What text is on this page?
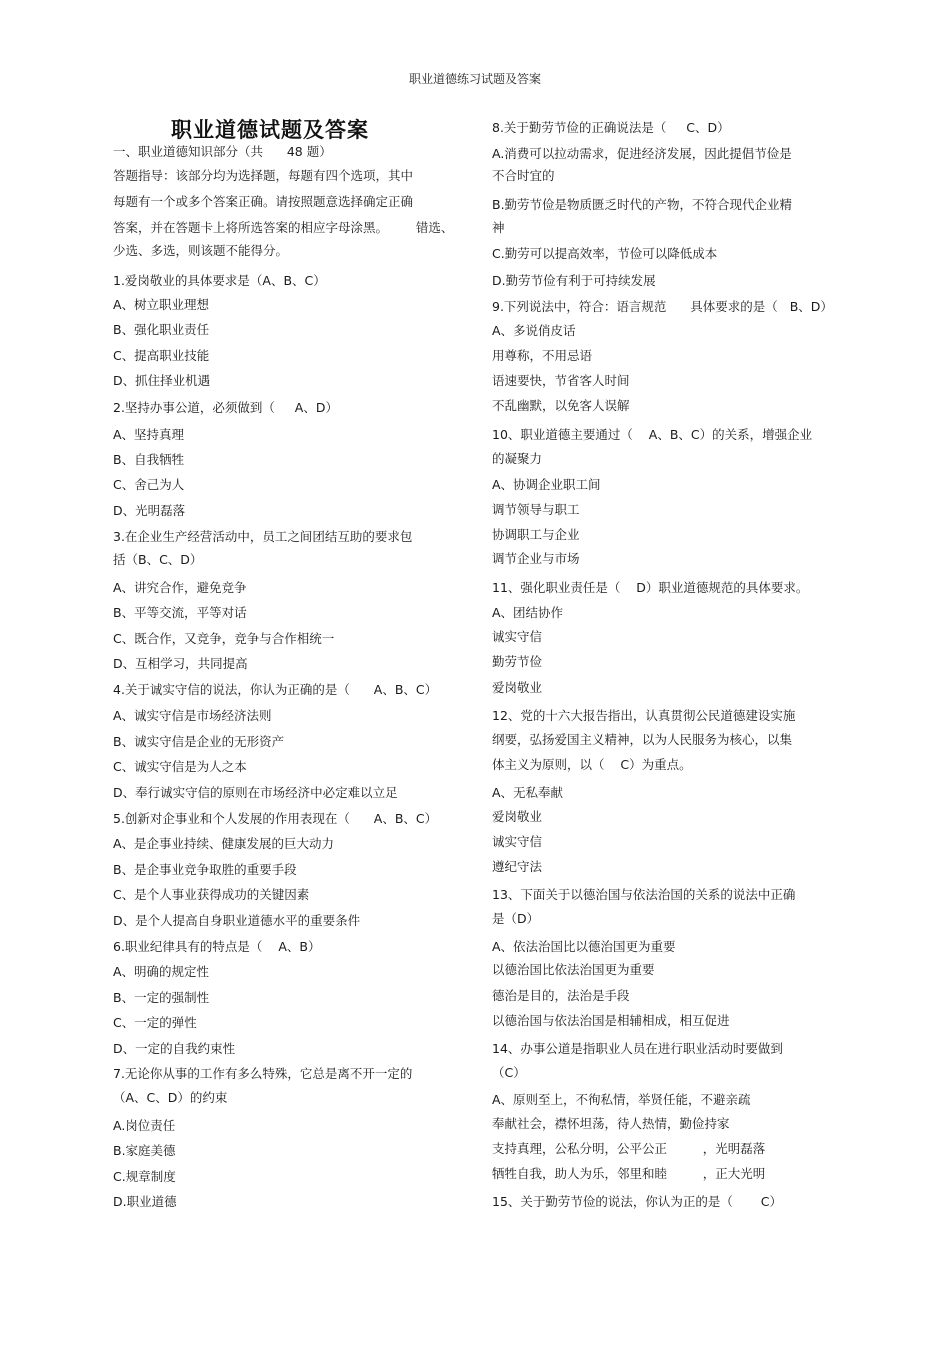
职业道德练习试题及答案
职业道德试题及答案
一、职业道德知识部分（共      48 题）
答题指导：该部分均为选择题，每题有四个选项，其中
每题有一个或多个答案正确。请按照题意选择确定正确
答案，并在答题卡上将所选答案的相应字母涂黑。       错选、
少选、多选，则该题不能得分。
1.爱岗敬业的具体要求是（A、B、C）
A、树立职业理想
B、强化职业责任
C、提高职业技能
D、抓住择业机遇
2.坚持办事公道，必须做到（     A、D）
A、坚持真理
B、自我牺牲
C、舍己为人
D、光明磊落
3.在企业生产经营活动中，员工之间团结互助的要求包
括（B、C、D）
A、讲究合作，避免竞争
B、平等交流，平等对话
C、既合作，又竞争，竞争与合作相统一
D、互相学习，共同提高
4.关于诚实守信的说法，你认为正确的是（      A、B、C）
A、诚实守信是市场经济法则
B、诚实守信是企业的无形资产
C、诚实守信是为人之本
D、奉行诚实守信的原则在市场经济中必定难以立足
5.创新对企事业和个人发展的作用表现在（      A、B、C）
A、是企事业持续、健康发展的巨大动力
B、是企事业竞争取胜的重要手段
C、是个人事业获得成功的关键因素
D、是个人提高自身职业道德水平的重要条件
6.职业纪律具有的特点是（    A、B）
A、明确的规定性
B、一定的强制性
C、一定的弹性
D、一定的自我约束性
7.无论你从事的工作有多么特殊，它总是离不开一定的
（A、C、D）的约束
A.岗位责任
B.家庭美德
C.规章制度
D.职业道德
8.关于勤劳节俭的正确说法是（     C、D）
A.消费可以拉动需求，促进经济发展，因此提倡节俭是
不合时宜的
B.勤劳节俭是物质匮乏时代的产物，不符合现代企业精
神
C.勤劳可以提高效率，节俭可以降低成本
D.勤劳节俭有利于可持续发展
9.下列说法中，符合：语言规范      具体要求的是（   B、D）
A、多说俏皮话
用尊称，不用忌语
语速要快，节省客人时间
不乱幽默，以免客人误解
10、职业道德主要通过（    A、B、C）的关系，增强企业
的凝聚力
A、协调企业职工间
调节领导与职工
协调职工与企业
调节企业与市场
11、强化职业责任是（    D）职业道德规范的具体要求。
A、团结协作
诚实守信
勤劳节俭
爱岗敬业
12、党的十六大报告指出，认真贯彻公民道德建设实施
纲要，弘扬爱国主义精神，以为人民服务为核心，以集
体主义为原则，以（    C）为重点。
A、无私奉献
爱岗敬业
诚实守信
遵纪守法
13、下面关于以德治国与依法治国的关系的说法中正确
是（D）
A、依法治国比以德治国更为重要
以德治国比依法治国更为重要
德治是目的，法治是手段
以德治国与依法治国是相辅相成，相互促进
14、办事公道是指职业人员在进行职业活动时要做到
（C）
A、原则至上，不徇私情，举贤任能，不避亲疏
奉献社会，襟怀坦荡，待人热情，勤俭持家
支持真理，公私分明，公平公正         ，光明磊落
牺牲自我，助人为乐，邻里和睦         ，正大光明
15、关于勤劳节俭的说法，你认为正的是（       C）
